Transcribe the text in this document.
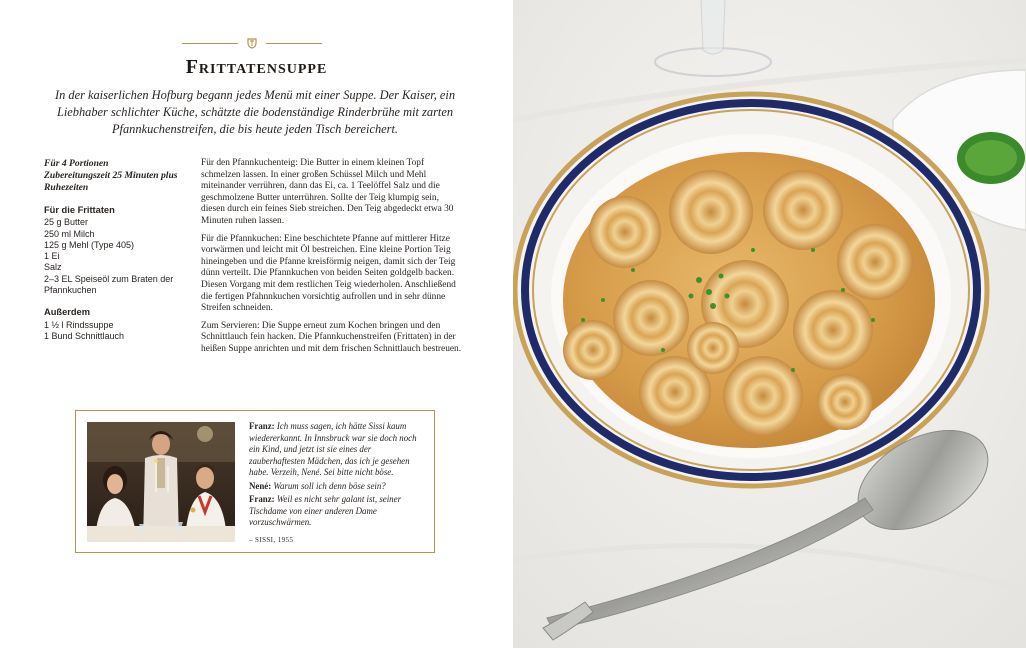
Frittatensuppe

In der kaiserlichen Hofburg begann jedes Menü mit einer Suppe. Der Kaiser, ein Liebhaber schlichter Küche, schätzte die bodenständige Rinderbrühe mit zarten Pfannkuchenstreifen, die bis heute jeden Tisch bereichert.

Für 4 Portionen
Zubereitungszeit 25 Minuten plus Ruhezeiten
Für die Frittaten
25 g Butter
250 ml Milch
125 g Mehl (Type 405)
1 Ei
Salz
2–3 EL Speiseöl zum Braten der Pfannkuchen
Außerdem
1 ½ l Rindssuppe
1 Bund Schnittlauch

Für den Pfannkuchenteig: Die Butter in einem kleinen Topf schmelzen lassen. In einer großen Schüssel Milch und Mehl miteinander verrühren, dann das Ei, ca. 1 Teelöffel Salz und die geschmolzene Butter unterrühren. Sollte der Teig klumpig sein, diesen durch ein feines Sieb streichen. Den Teig abgedeckt etwa 30 Minuten ruhen lassen.

Für die Pfannkuchen: Eine beschichtete Pfanne auf mittlerer Hitze vorwärmen und leicht mit Öl bestreichen. Eine kleine Portion Teig hineingeben und die Pfanne kreisförmig neigen, damit sich der Teig dünn verteilt. Die Pfannkuchen von beiden Seiten goldgelb backen. Diesen Vorgang mit dem restlichen Teig wiederholen. Anschließend die fertigen Pfahnnkuchen vorsichtig aufrollen und in sehr dünne Streifen schneiden.

Zum Servieren: Die Suppe erneut zum Kochen bringen und den Schnittlauch fein hacken. Die Pfannkuchenstreifen (Frittaten) in der heißen Suppe anrichten und mit dem frischen Schnittlauch bestreuen.

Franz: Ich muss sagen, ich hätte Sissi kaum wiedererkannt. In Innsbruck war sie doch noch ein Kind, und jetzt ist sie eines der zauberhaftesten Mädchen, das ich je gesehen habe. Verzeih, Nené. Sei bitte nicht böse.
Nené: Warum soll ich denn böse sein?
Franz: Weil es nicht sehr galant ist, seiner Tischdame von einer anderen Dame vorzuschwärmen.
– SISSI, 1955
